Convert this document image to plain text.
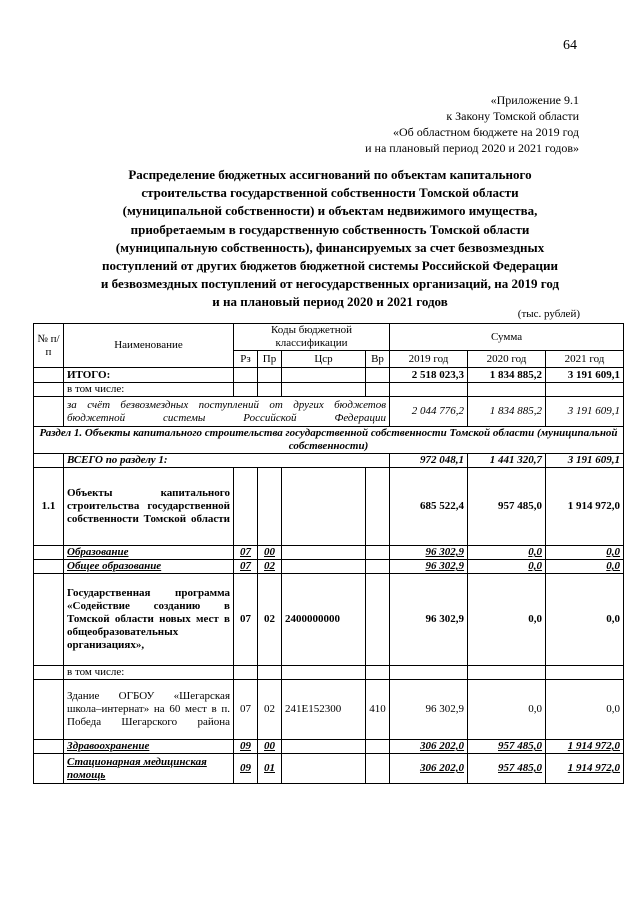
64
«Приложение 9.1
к Закону Томской области
«Об областном бюджете на 2019 год
и на плановый период 2020 и 2021 годов»
Распределение бюджетных ассигнований по объектам капитального
строительства государственной собственности Томской области
(муниципальной собственности) и объектам недвижимого имущества,
приобретаемым в государственную собственность Томской области
(муниципальную собственность), финансируемых за счет безвозмездных
поступлений от других бюджетов бюджетной системы Российской Федерации
и безвозмездных поступлений от негосударственных организаций, на 2019 год
и на плановый период 2020 и 2021 годов
(тыс. рублей)
№ п/п	Наименование	Коды бюджетной классификации				Сумма		
		Рз	Пр	Цср	Вр	2019 год	2020 год	2021 год
	ИТОГО:					2 518 023,3	1 834 885,2	3 191 609,1
	в том числе:							
	за счёт безвозмездных поступлений от других бюджетов бюджетной системы Российской Федерации					2 044 776,2	1 834 885,2	3 191 609,1
Раздел 1. Объекты капитального строительства государственной собственности Томской области (муниципальной собственности)								
	ВСЕГО по разделу 1:					972 048,1	1 441 320,7	3 191 609,1
1.1	Объекты капитального строительства государственной собственности Томской области					685 522,4	957 485,0	1 914 972,0
	Образование	07	00			96 302,9	0,0	0,0
	Общее образование	07	02			96 302,9	0,0	0,0
	Государственная программа «Содействие созданию в Томской области новых мест в общеобразовательных организациях»,	07	02	2400000000		96 302,9	0,0	0,0
	в том числе:							
	Здание ОГБОУ «Шегарская школа–интернат» на 60 мест в п. Победа Шегарского района	07	02	241E152300	410	96 302,9	0,0	0,0
	Здравоохранение	09	00			306 202,0	957 485,0	1 914 972,0
	Стационарная медицинская помощь	09	01			306 202,0	957 485,0	1 914 972,0
